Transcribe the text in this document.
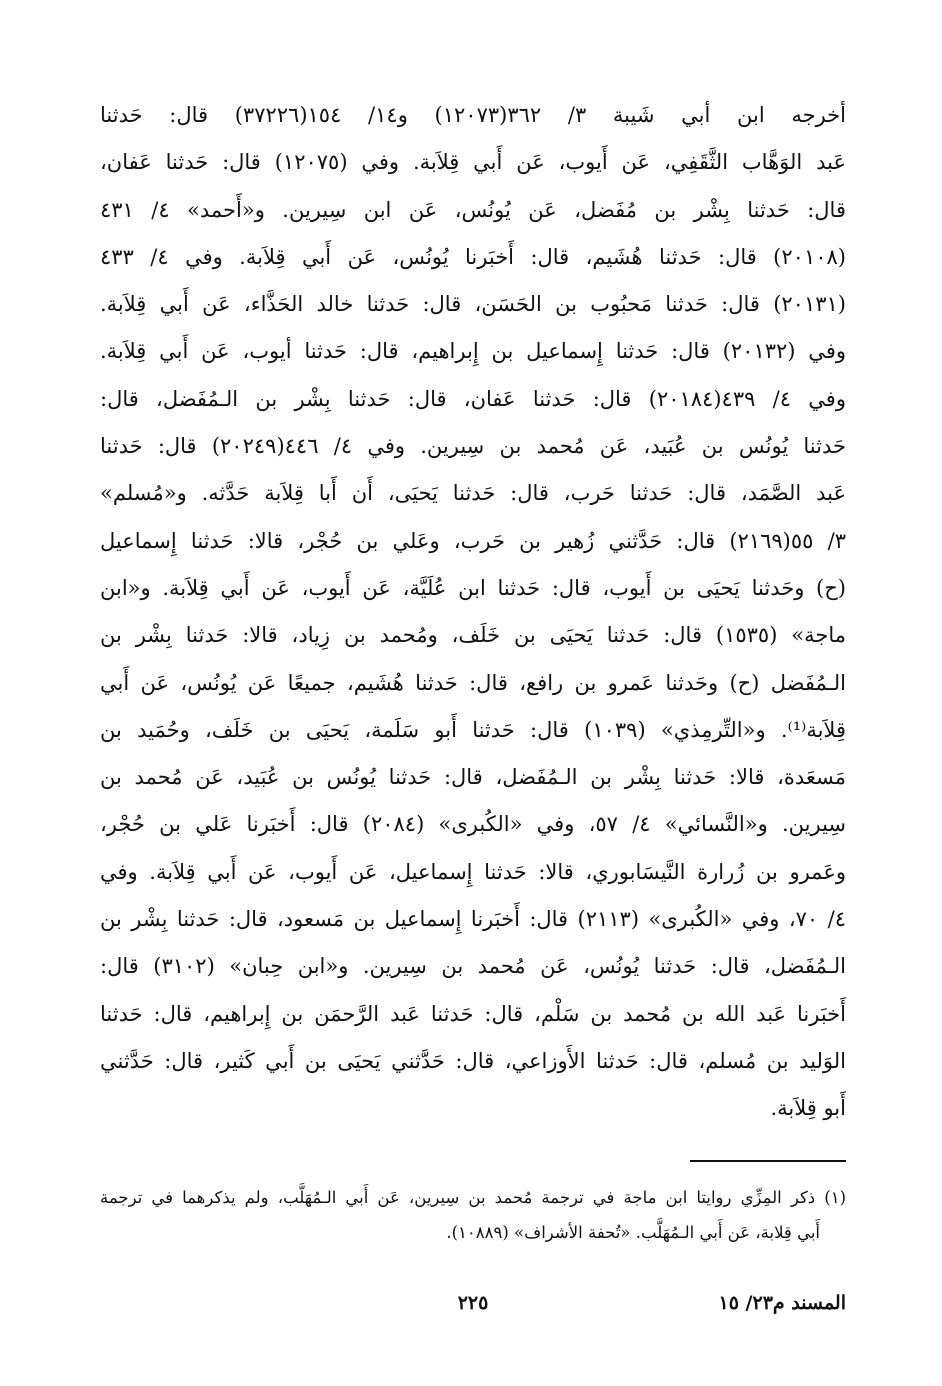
أخرجه ابن أبي شَيبة ٣/ ٣٦٢(١٢٠٧٣) و١٤/ ١٥٤(٣٧٢٢٦) قال: حَدثنا
عَبد الوَهَّاب الثَّقَفِي، عَن أَيوب، عَن أَبي قِلاَبة. وفي (١٢٠٧٥) قال: حَدثنا عَفان،
قال: حَدثنا بِشْر بن مُفَضل، عَن يُونُس، عَن ابن سِيرين. و«أَحمد» ٤/ ٤٣١
(٢٠١٠٨) قال: حَدثنا هُشَيم، قال: أَخبَرنا يُونُس، عَن أَبي قِلاَبة. وفي ٤/ ٤٣٣
(٢٠١٣١) قال: حَدثنا مَحبُوب بن الحَسَن، قال: حَدثنا خالد الحَذَّاء، عَن أَبي قِلاَبة.
وفي (٢٠١٣٢) قال: حَدثنا إِسماعيل بن إِبراهيم، قال: حَدثنا أيوب، عَن أَبي قِلاَبة.
وفي ٤/ ٤٣٩(٢٠١٨٤) قال: حَدثنا عَفان، قال: حَدثنا بِشْر بن الـمُفَضل، قال:
حَدثنا يُونُس بن عُبَيد، عَن مُحمد بن سِيرين. وفي ٤/ ٤٤٦(٢٠٢٤٩) قال: حَدثنا
عَبد الصَّمَد، قال: حَدثنا حَرب، قال: حَدثنا يَحيَى، أَن أَبا قِلاَبة حَدَّثه. و«مُسلم»
٣/ ٥٥(٢١٦٩) قال: حَدَّثني زُهير بن حَرب، وعَلي بن حُجْر، قالا: حَدثنا إِسماعيل
(ح) وحَدثنا يَحيَى بن أَيوب، قال: حَدثنا ابن عُلَيَّة، عَن أَيوب، عَن أَبي قِلاَبة. و«ابن
ماجة» (١٥٣٥) قال: حَدثنا يَحيَى بن خَلَف، ومُحمد بن زِياد، قالا: حَدثنا بِشْر بن
الـمُفَضل (ح) وحَدثنا عَمرو بن رافع، قال: حَدثنا هُشَيم، جميعًا عَن يُونُس، عَن أَبي
قِلاَبة⁽¹⁾. و«التِّرمِذي» (١٠٣٩) قال: حَدثنا أَبو سَلَمة، يَحيَى بن خَلَف، وحُمَيد بن
مَسعَدة، قالا: حَدثنا بِشْر بن الـمُفَضل، قال: حَدثنا يُونُس بن عُبَيد، عَن مُحمد بن
سِيرين. و«النَّسائي» ٤/ ٥٧، وفي «الكُبرى» (٢٠٨٤) قال: أَخبَرنا عَلي بن حُجْر،
وعَمرو بن زُرارة النَّيسَابوري، قالا: حَدثنا إِسماعيل، عَن أَيوب، عَن أَبي قِلاَبة. وفي
٤/ ٧٠، وفي «الكُبرى» (٢١١٣) قال: أَخبَرنا إِسماعيل بن مَسعود، قال: حَدثنا بِشْر بن
الـمُفَضل، قال: حَدثنا يُونُس، عَن مُحمد بن سِيرين. و«ابن حِبان» (٣١٠٢) قال:
أَخبَرنا عَبد الله بن مُحمد بن سَلْم، قال: حَدثنا عَبد الرَّحمَن بن إِبراهيم، قال: حَدثنا
الوَليد بن مُسلم، قال: حَدثنا الأَوزاعي، قال: حَدَّثني يَحيَى بن أَبي كَثير، قال: حَدَّثني
أَبو قِلاَبة.
(١) ذكر المِزِّي روايتا ابن ماجة في ترجمة مُحمد بن سِيرين، عَن أَبي الـمُهَلَّب، ولم يذكرهما في ترجمة
أَبي قِلابة، عَن أَبي الـمُهَلَّب. «تُحفة الأشراف» (١٠٨٨٩).
المسند م٢٣/ ١٥
٢٢٥
